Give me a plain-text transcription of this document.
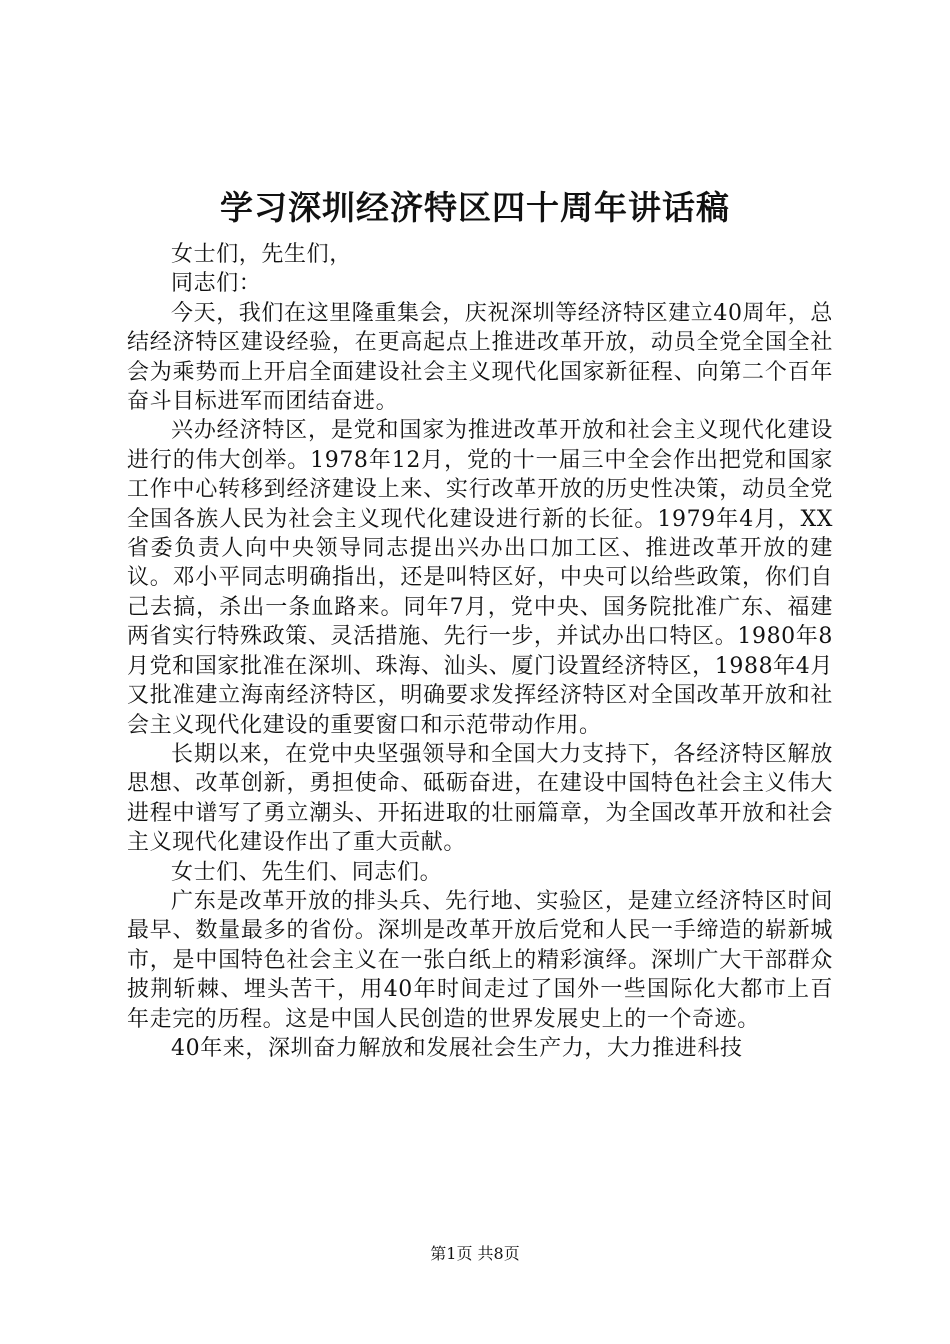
学习深圳经济特区四十周年讲话稿

女士们，先生们，

同志们：

今天，我们在这里隆重集会，庆祝深圳等经济特区建立40周年，总结经济特区建设经验，在更高起点上推进改革开放，动员全党全国全社会为乘势而上开启全面建设社会主义现代化国家新征程、向第二个百年奋斗目标进军而团结奋进。

兴办经济特区，是党和国家为推进改革开放和社会主义现代化建设进行的伟大创举。1978年12月，党的十一届三中全会作出把党和国家工作中心转移到经济建设上来、实行改革开放的历史性决策，动员全党全国各族人民为社会主义现代化建设进行新的长征。1979年4月，XX省委负责人向中央领导同志提出兴办出口加工区、推进改革开放的建议。邓小平同志明确指出，还是叫特区好，中央可以给些政策，你们自己去搞，杀出一条血路来。同年7月，党中央、国务院批准广东、福建两省实行特殊政策、灵活措施、先行一步，并试办出口特区。1980年8月党和国家批准在深圳、珠海、汕头、厦门设置经济特区，1988年4月又批准建立海南经济特区，明确要求发挥经济特区对全国改革开放和社会主义现代化建设的重要窗口和示范带动作用。

长期以来，在党中央坚强领导和全国大力支持下，各经济特区解放思想、改革创新，勇担使命、砥砺奋进，在建设中国特色社会主义伟大进程中谱写了勇立潮头、开拓进取的壮丽篇章，为全国改革开放和社会主义现代化建设作出了重大贡献。

女士们、先生们、同志们。

广东是改革开放的排头兵、先行地、实验区，是建立经济特区时间最早、数量最多的省份。深圳是改革开放后党和人民一手缔造的崭新城市，是中国特色社会主义在一张白纸上的精彩演绎。深圳广大干部群众披荆斩棘、埋头苦干，用40年时间走过了国外一些国际化大都市上百年走完的历程。这是中国人民创造的世界发展史上的一个奇迹。

40年来，深圳奋力解放和发展社会生产力，大力推进科技

第1页 共8页
